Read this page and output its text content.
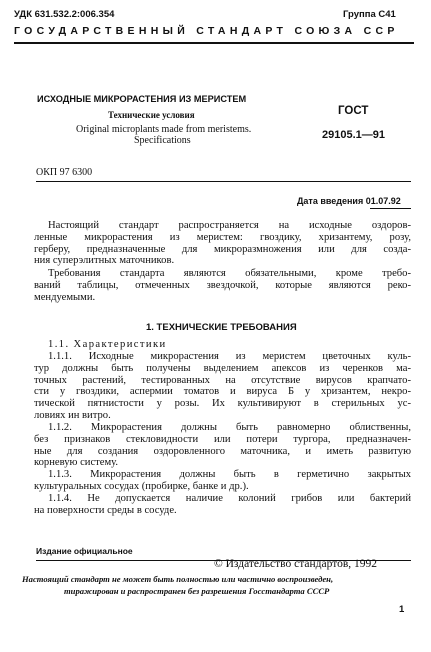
УДК 631.532.2:006.354	Группа С41
ГОСУДАРСТВЕННЫЙ СТАНДАРТ СОЮЗА ССР
ИСХОДНЫЕ МИКРОРАСТЕНИЯ ИЗ МЕРИСТЕМ
Технические условия
Original microplants made from meristems.
Specifications
ГОСТ
29105.1—91
ОКП 97 6300
Дата введения 01.07.92
Настоящий стандарт распространяется на исходные оздоров-
ленные микрорастения из меристем: гвоздику, хризантему, розу,
герберу, предназначенные для микроразмножения или для созда-
ния суперэлитных маточников.
Требования стандарта являются обязательными, кроме требо-
ваний таблицы, отмеченных звездочкой, которые являются реко-
мендуемыми.
1. ТЕХНИЧЕСКИЕ ТРЕБОВАНИЯ
1.1. Характеристики
1.1.1. Исходные микрорастения из меристем цветочных куль-
тур должны быть получены выделением апексов из черенков ма-
точных растений, тестированных на отсутствие вирусов крапчато-
сти у гвоздики, аспермии томатов и вируса Б у хризантем, некро-
тической пятнистости у розы. Их культивируют в стерильных ус-
ловиях ин витро.
1.1.2. Микрорастения должны быть равномерно облиственны,
без признаков стекловидности или потери тургора, предназначен-
ные для создания оздоровленного маточника, и иметь развитую
корневую систему.
1.1.3. Микрорастения должны быть в герметично закрытых
культуральных сосудах (пробирке, банке и др.).
1.1.4. Не допускается наличие колоний грибов или бактерий
на поверхности среды в сосуде.
Издание официальное
© Издательство стандартов, 1992
Настоящий стандарт не может быть полностью или частично воспроизведен,
тиражирован и распространен без разрешения Госстандарта СССР
1
